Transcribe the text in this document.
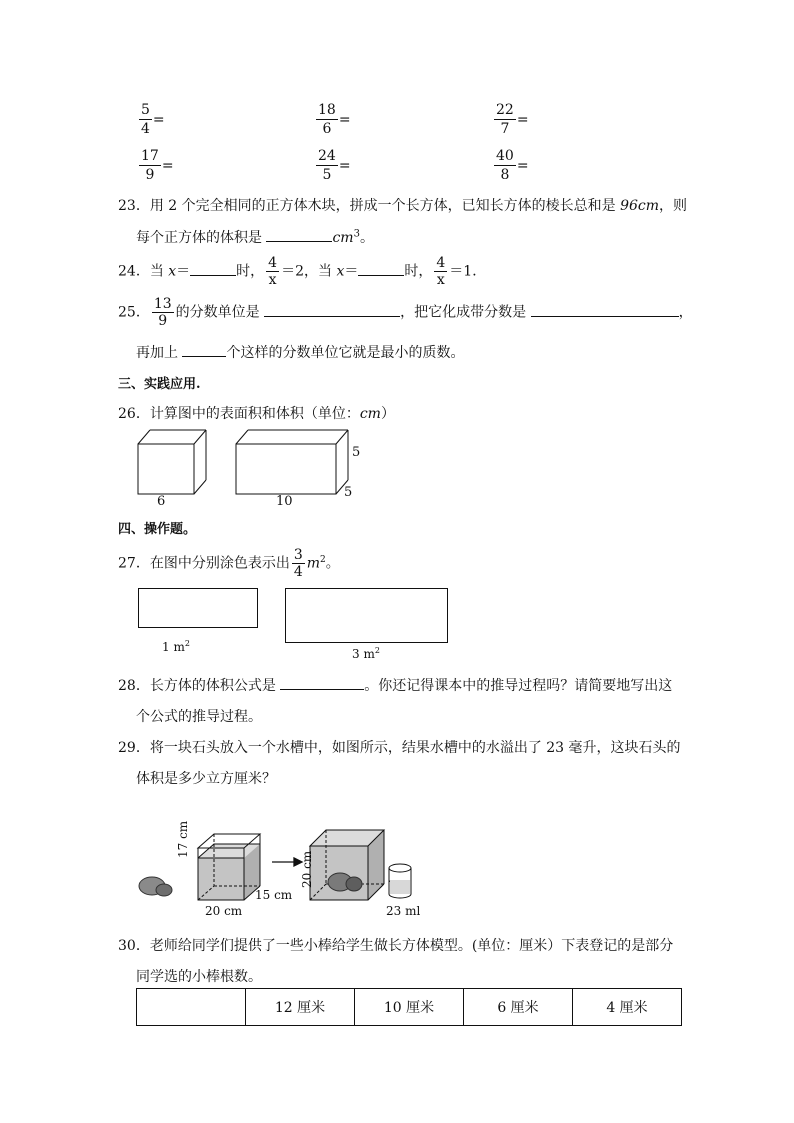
$\frac{5}{4}$ =	$\frac{18}{6}$ =	$\frac{22}{7}$ =
$\frac{17}{9}$ =	$\frac{24}{5}$ =	$\frac{40}{8}$ =
23．用 2 个完全相同的正方体木块，拼成一个长方体，已知长方体的棱长总和是 96cm，则
每个正方体的体积是	$cm^3$。
24．当 x＝	时， $\frac{4}{x} =2$，当 x＝	时， $\frac{4}{x} =1$．
25． $\frac{13}{9}$ 的分数单位是	，把它化成带分数是	，
再加上	个这样的分数单位它就是最小的质数。
三、实践应用.
26．计算图中的表面积和体积（单位：cm）
6	10
5
5
四、操作题。
27．在图中分别涂色表示出 $\frac{3}{4} m^2$。
1 $m^2$
3 $m^2$
28．长方体的体积公式是	。你还记得课本中的推导过程吗？请简要地写出这
个公式的推导过程。
29．将一块石头放入一个水槽中，如图所示，结果水槽中的水溢出了 23 毫升，这块石头的
体积是多少立方厘米？
17 cm
15 cm
20 cm
20 cm
23 ml
30．老师给同学们提供了一些小棒给学生做长方体模型。(单位：厘米）下表登记的是部分
同学选的小棒根数。
	12 厘米	10 厘米	6 厘米	4 厘米
